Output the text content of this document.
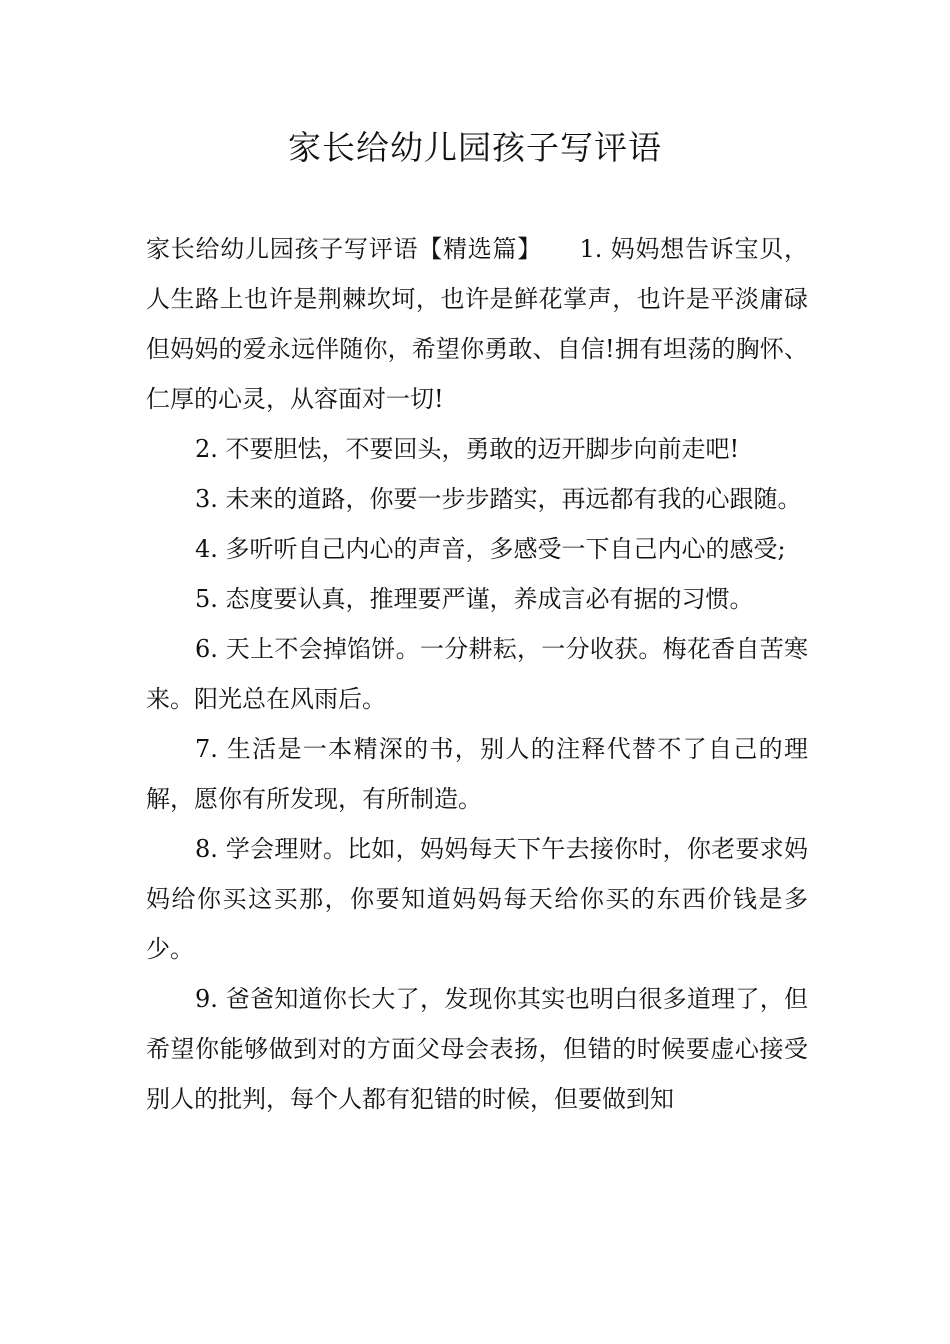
家长给幼儿园孩子写评语

家长给幼儿园孩子写评语【精选篇】　　1. 妈妈想告诉宝贝，人生路上也许是荆棘坎坷，也许是鲜花掌声，也许是平淡庸碌但妈妈的爱永远伴随你，希望你勇敢、自信!拥有坦荡的胸怀、仁厚的心灵，从容面对一切!

2. 不要胆怯，不要回头，勇敢的迈开脚步向前走吧!

3. 未来的道路，你要一步步踏实，再远都有我的心跟随。

4. 多听听自己内心的声音，多感受一下自己内心的感受;

5. 态度要认真，推理要严谨，养成言必有据的习惯。

6. 天上不会掉馅饼。一分耕耘，一分收获。梅花香自苦寒来。阳光总在风雨后。

7. 生活是一本精深的书，别人的注释代替不了自己的理解，愿你有所发现，有所制造。

8. 学会理财。比如，妈妈每天下午去接你时，你老要求妈妈给你买这买那，你要知道妈妈每天给你买的东西价钱是多少。

9. 爸爸知道你长大了，发现你其实也明白很多道理了，但希望你能够做到对的方面父母会表扬，但错的时候要虚心接受别人的批判，每个人都有犯错的时候，但要做到知
